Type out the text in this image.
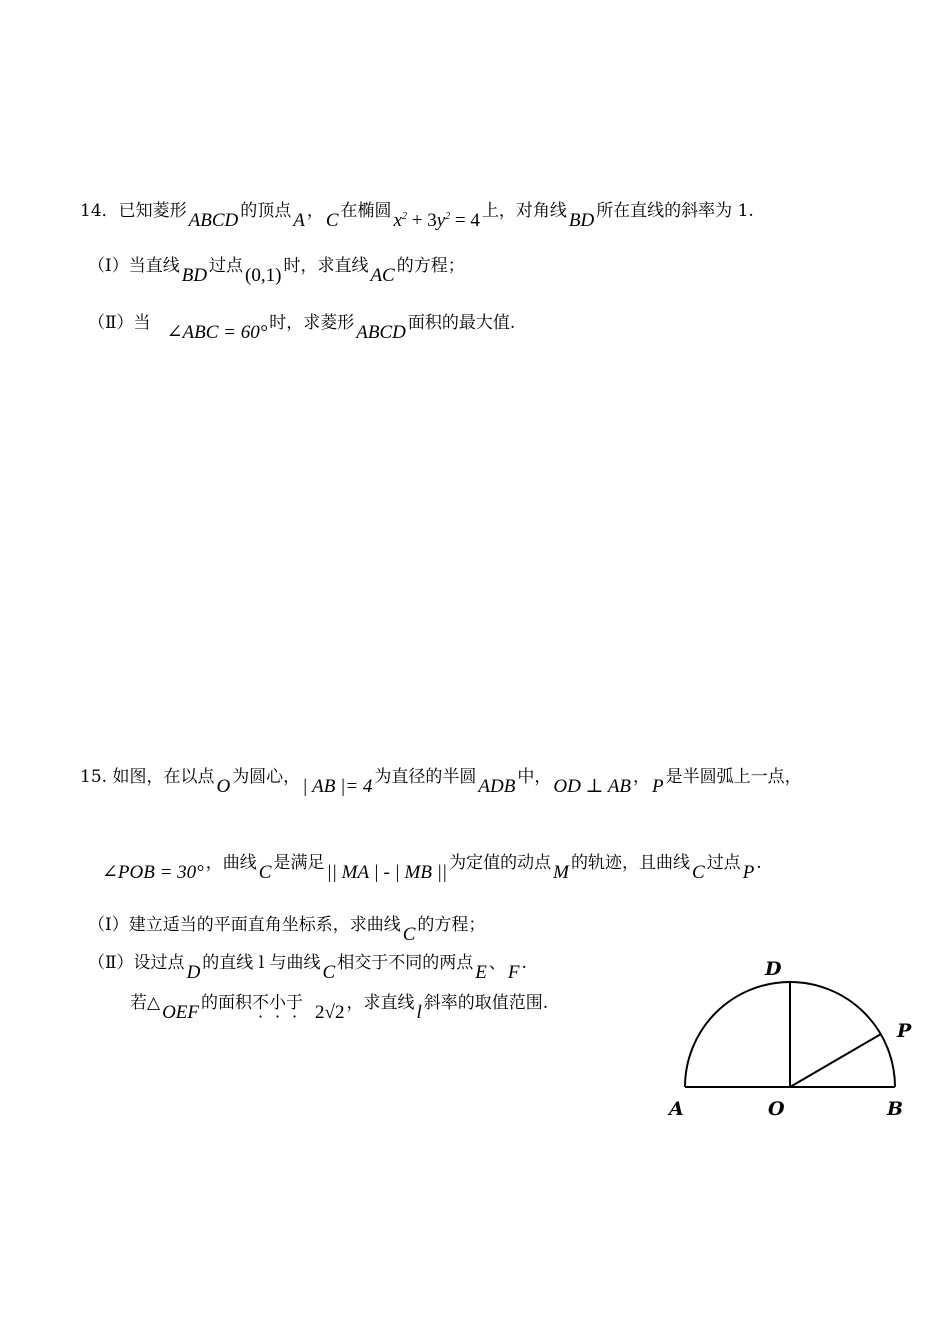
14．已知菱形 ABCD 的顶点 A ， C 在椭圆 $x^2 + 3y^2 = 4$ 上，对角线 BD 所在直线的斜率为 1.
（Ⅰ）当直线 BD 过点 (0,1) 时，求直线 AC 的方程；
（Ⅱ）当 ∠ABC = 60° 时，求菱形 ABCD 面积的最大值.
15. 如图，在以点 O 为圆心， | AB |= 4 为直径的半圆 ADB 中， OD ⊥ AB ， P 是半圆弧上一点，
∠POB = 30° ，曲线 C 是满足 || MA | - | MB || 为定值的动点 M 的轨迹，且曲线 C 过点 P .
（Ⅰ）建立适当的平面直角坐标系，求曲线 C 的方程；
（Ⅱ）设过点 D 的直线 l 与曲线 C 相交于不同的两点 E 、 F .
若△ OEF 的面积不小于 2√2 ，求直线 l 斜率的取值范围.
A	O	B
D
P
